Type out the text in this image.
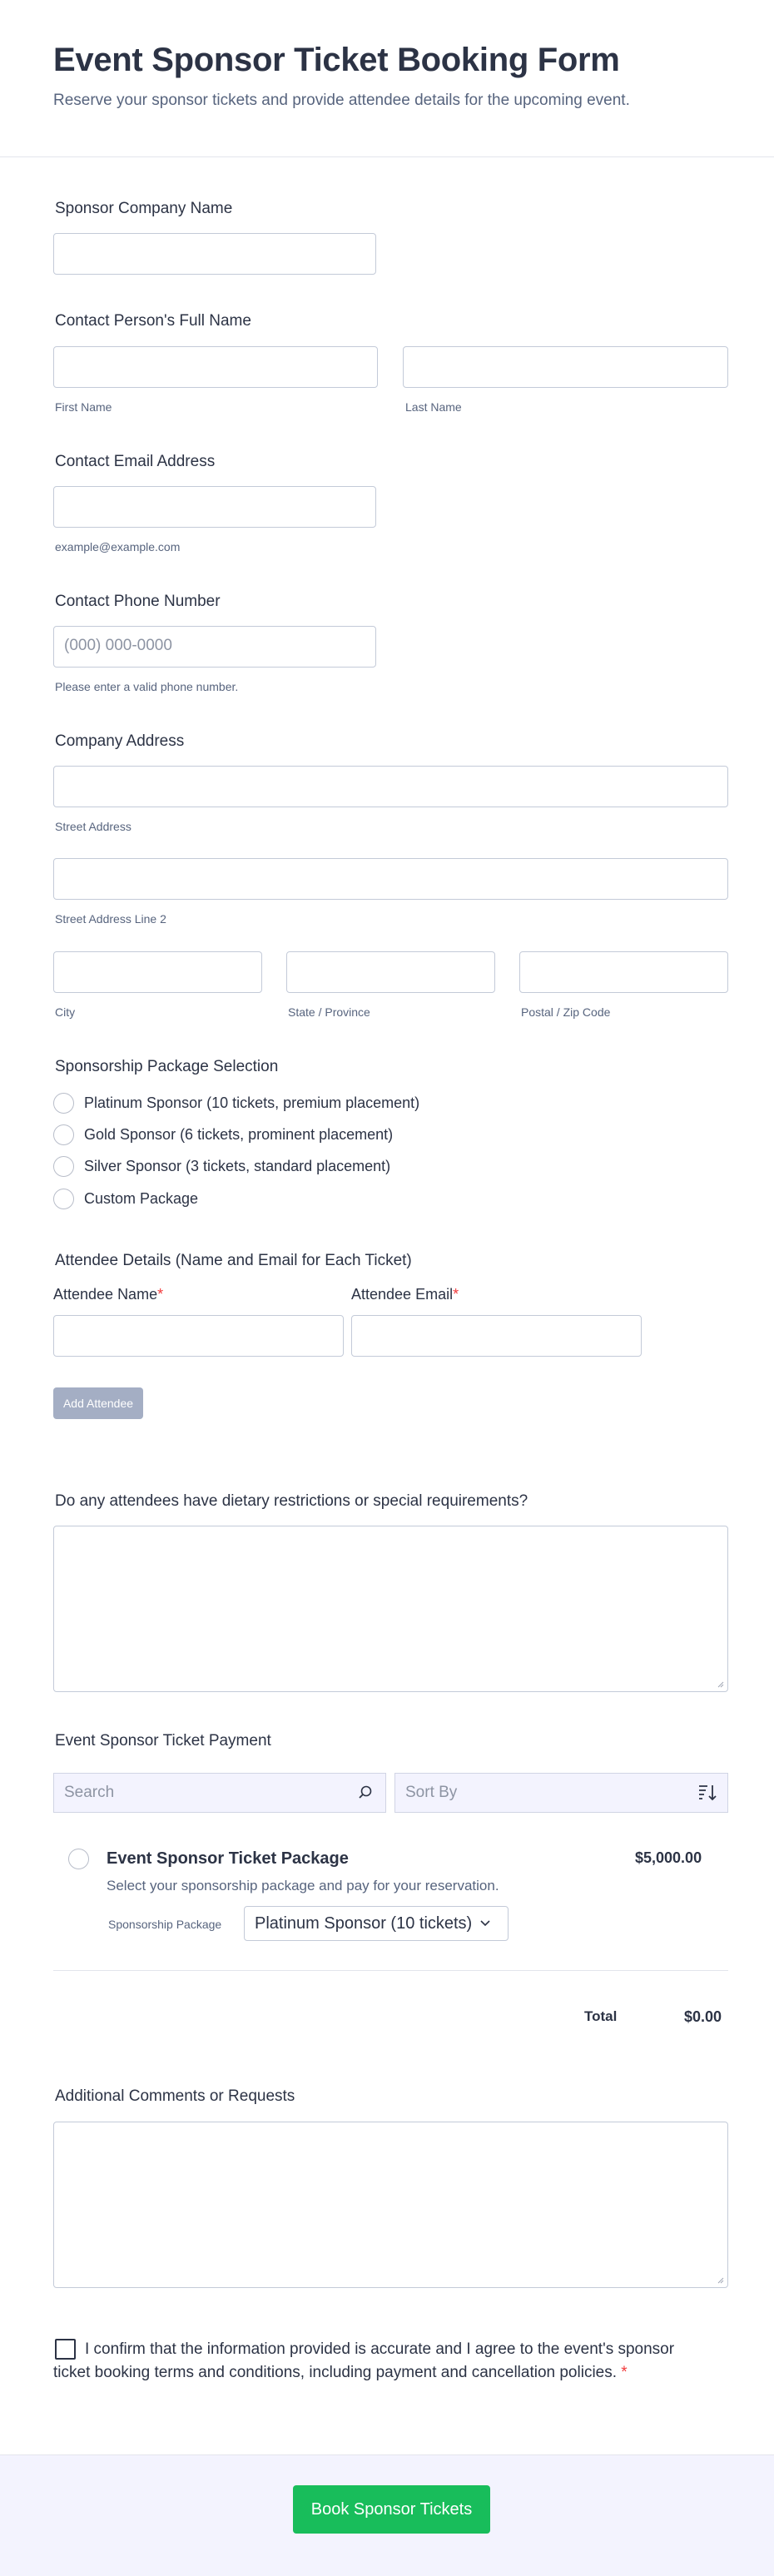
Event Sponsor Ticket Booking Form
Reserve your sponsor tickets and provide attendee details for the upcoming event.
Sponsor Company Name
Contact Person's Full Name
First Name	Last Name
Contact Email Address
example@example.com
Contact Phone Number
(000) 000-0000
Please enter a valid phone number.
Company Address
Street Address
Street Address Line 2
City	State / Province	Postal / Zip Code
Sponsorship Package Selection
Platinum Sponsor (10 tickets, premium placement)
Gold Sponsor (6 tickets, prominent placement)
Silver Sponsor (3 tickets, standard placement)
Custom Package
Attendee Details (Name and Email for Each Ticket)
Attendee Name*	Attendee Email*
Add Attendee
Do any attendees have dietary restrictions or special requirements?
Event Sponsor Ticket Payment
Search	Sort By
Event Sponsor Ticket Package	$5,000.00
Select your sponsorship package and pay for your reservation.
Sponsorship Package Platinum Sponsor (10 tickets)
Total	$0.00
Additional Comments or Requests
I confirm that the information provided is accurate and I agree to the event's sponsor ticket booking terms and conditions, including payment and cancellation policies. *
Book Sponsor Tickets
